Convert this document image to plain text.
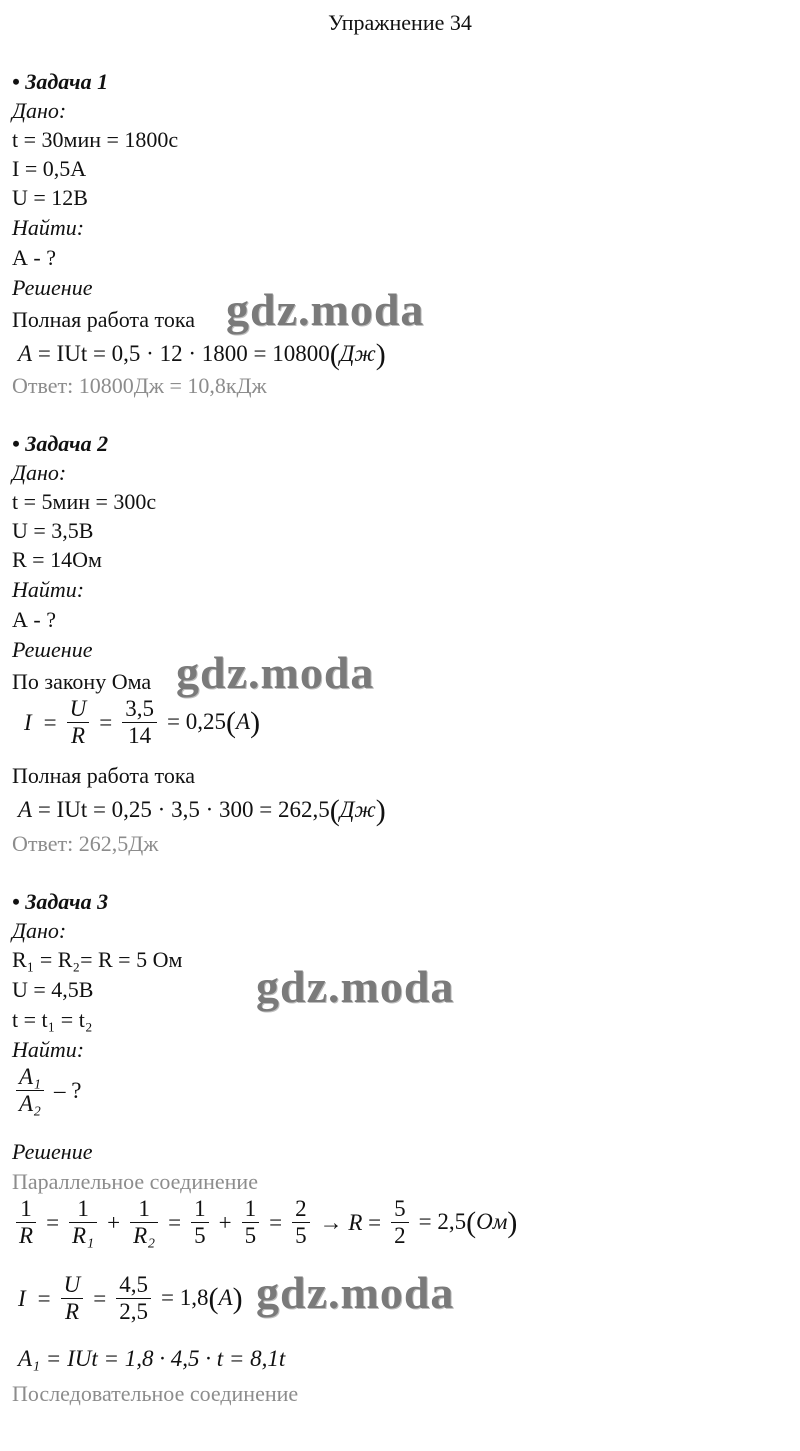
Упражнение 34
• Задача 1
Дано:
t = 30мин = 1800с
I = 0,5А
U = 12В
Найти:
А - ?
Решение
Полная работа тока gdz.moda
A = IUt = 0,5 · 12 · 1800 = 10800(Дж)
Ответ: 10800Дж = 10,8кДж
• Задача 2
Дано:
t = 5мин = 300с
U = 3,5В
R = 14Ом
Найти:
А - ?
Решение
По закону Ома gdz.moda
$I = \frac{U}{R} = \frac{3,5}{14} = 0,25(A)$
Полная работа тока
A = IUt = 0,25 · 3,5 · 300 = 262,5(Дж)
Ответ: 262,5Дж
• Задача 3
Дано:
R₁ = R₂= R = 5 Ом
U = 4,5В
t = t₁ = t₂
gdz.moda
Найти:
$\frac{\text{A₁}}{\text{A₂}}$ – ?
Решение
Параллельное соединение
$\frac{1}{R} = \frac{1}{\text{R₁}} + \frac{1}{\text{R₂}} = \frac{1}{5} + \frac{1}{5} = \frac{2}{5} \to R = \frac{5}{2} = 2,5(Ом)$
$I = \frac{U}{R} = \frac{4,5}{2,5} = 1,8(A)$ gdz.moda
A₁ = IUt = 1,8 · 4,5 · t = 8,1t
Последовательное соединение
